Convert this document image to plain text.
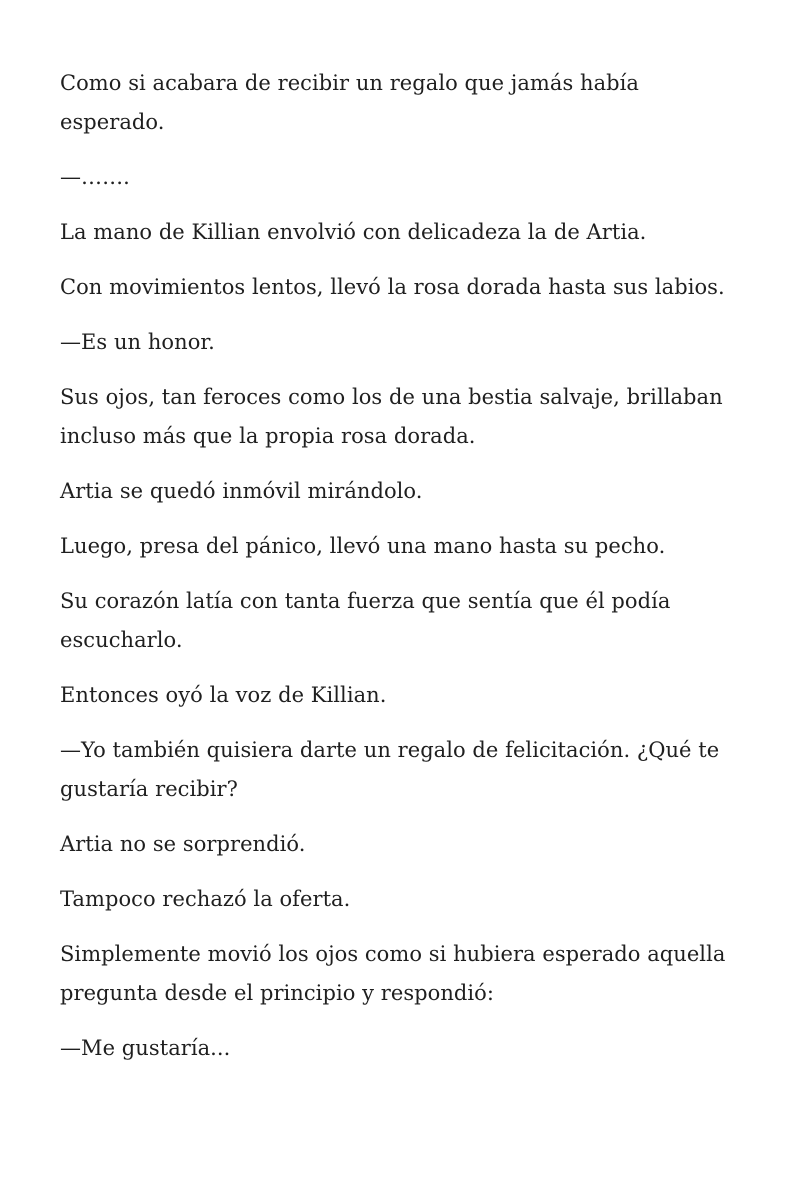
Como si acabara de recibir un regalo que jamás había esperado.

—…….

La mano de Killian envolvió con delicadeza la de Artia.

Con movimientos lentos, llevó la rosa dorada hasta sus labios.

—Es un honor.

Sus ojos, tan feroces como los de una bestia salvaje, brillaban incluso más que la propia rosa dorada.

Artia se quedó inmóvil mirándolo.

Luego, presa del pánico, llevó una mano hasta su pecho.

Su corazón latía con tanta fuerza que sentía que él podía escucharlo.

Entonces oyó la voz de Killian.

—Yo también quisiera darte un regalo de felicitación. ¿Qué te gustaría recibir?

Artia no se sorprendió.

Tampoco rechazó la oferta.

Simplemente movió los ojos como si hubiera esperado aquella pregunta desde el principio y respondió:

—Me gustaría...
